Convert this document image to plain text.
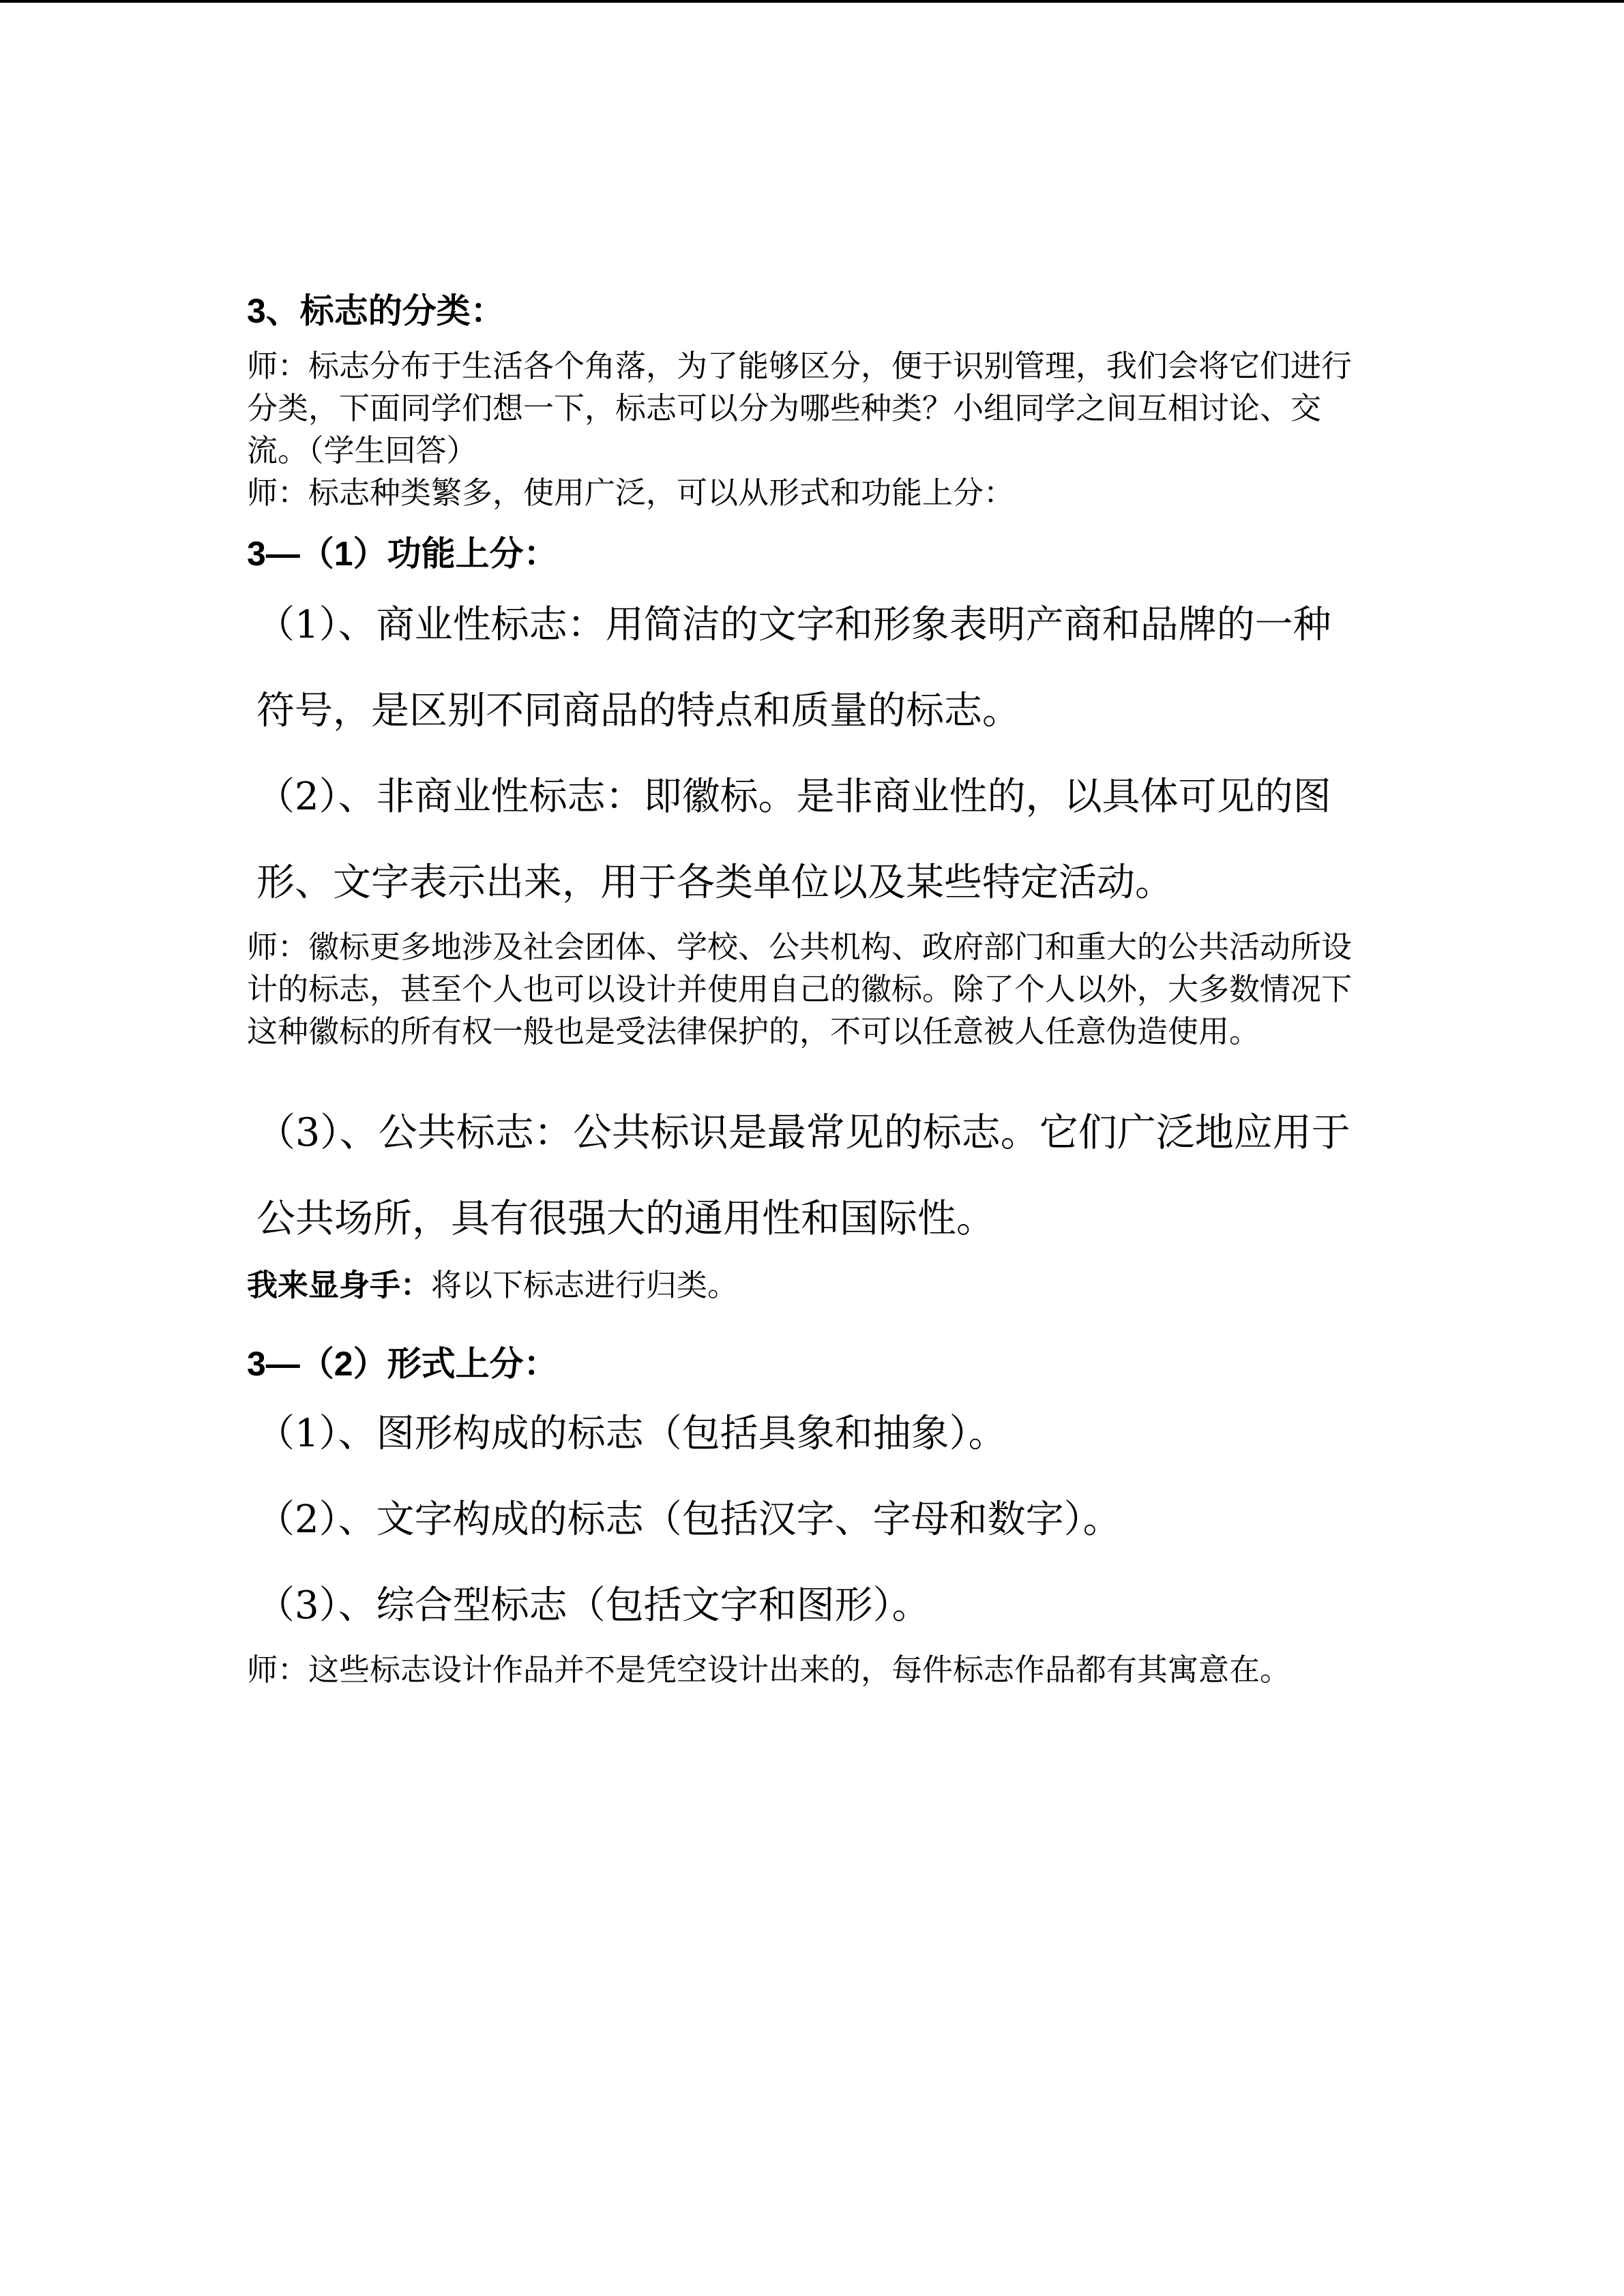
3、标志的分类：

师：标志分布于生活各个角落，为了能够区分，便于识别管理，我们会将它们进行分类，下面同学们想一下，标志可以分为哪些种类？小组同学之间互相讨论、交流。（学生回答）

师：标志种类繁多，使用广泛，可以从形式和功能上分：

3—（1）功能上分：

（1）、商业性标志：用简洁的文字和形象表明产商和品牌的一种符号，是区别不同商品的特点和质量的标志。

（2）、非商业性标志：即徽标。是非商业性的，以具体可见的图形、文字表示出来，用于各类单位以及某些特定活动。

师：徽标更多地涉及社会团体、学校、公共机构、政府部门和重大的公共活动所设计的标志，甚至个人也可以设计并使用自己的徽标。除了个人以外，大多数情况下这种徽标的所有权一般也是受法律保护的，不可以任意被人任意伪造使用。

（3）、公共标志：公共标识是最常见的标志。它们广泛地应用于公共场所，具有很强大的通用性和国际性。

我来显身手：将以下标志进行归类。

3—（2）形式上分：

（1）、图形构成的标志（包括具象和抽象）。

（2）、文字构成的标志（包括汉字、字母和数字）。

（3）、综合型标志（包括文字和图形）。

师：这些标志设计作品并不是凭空设计出来的，每件标志作品都有其寓意在。
